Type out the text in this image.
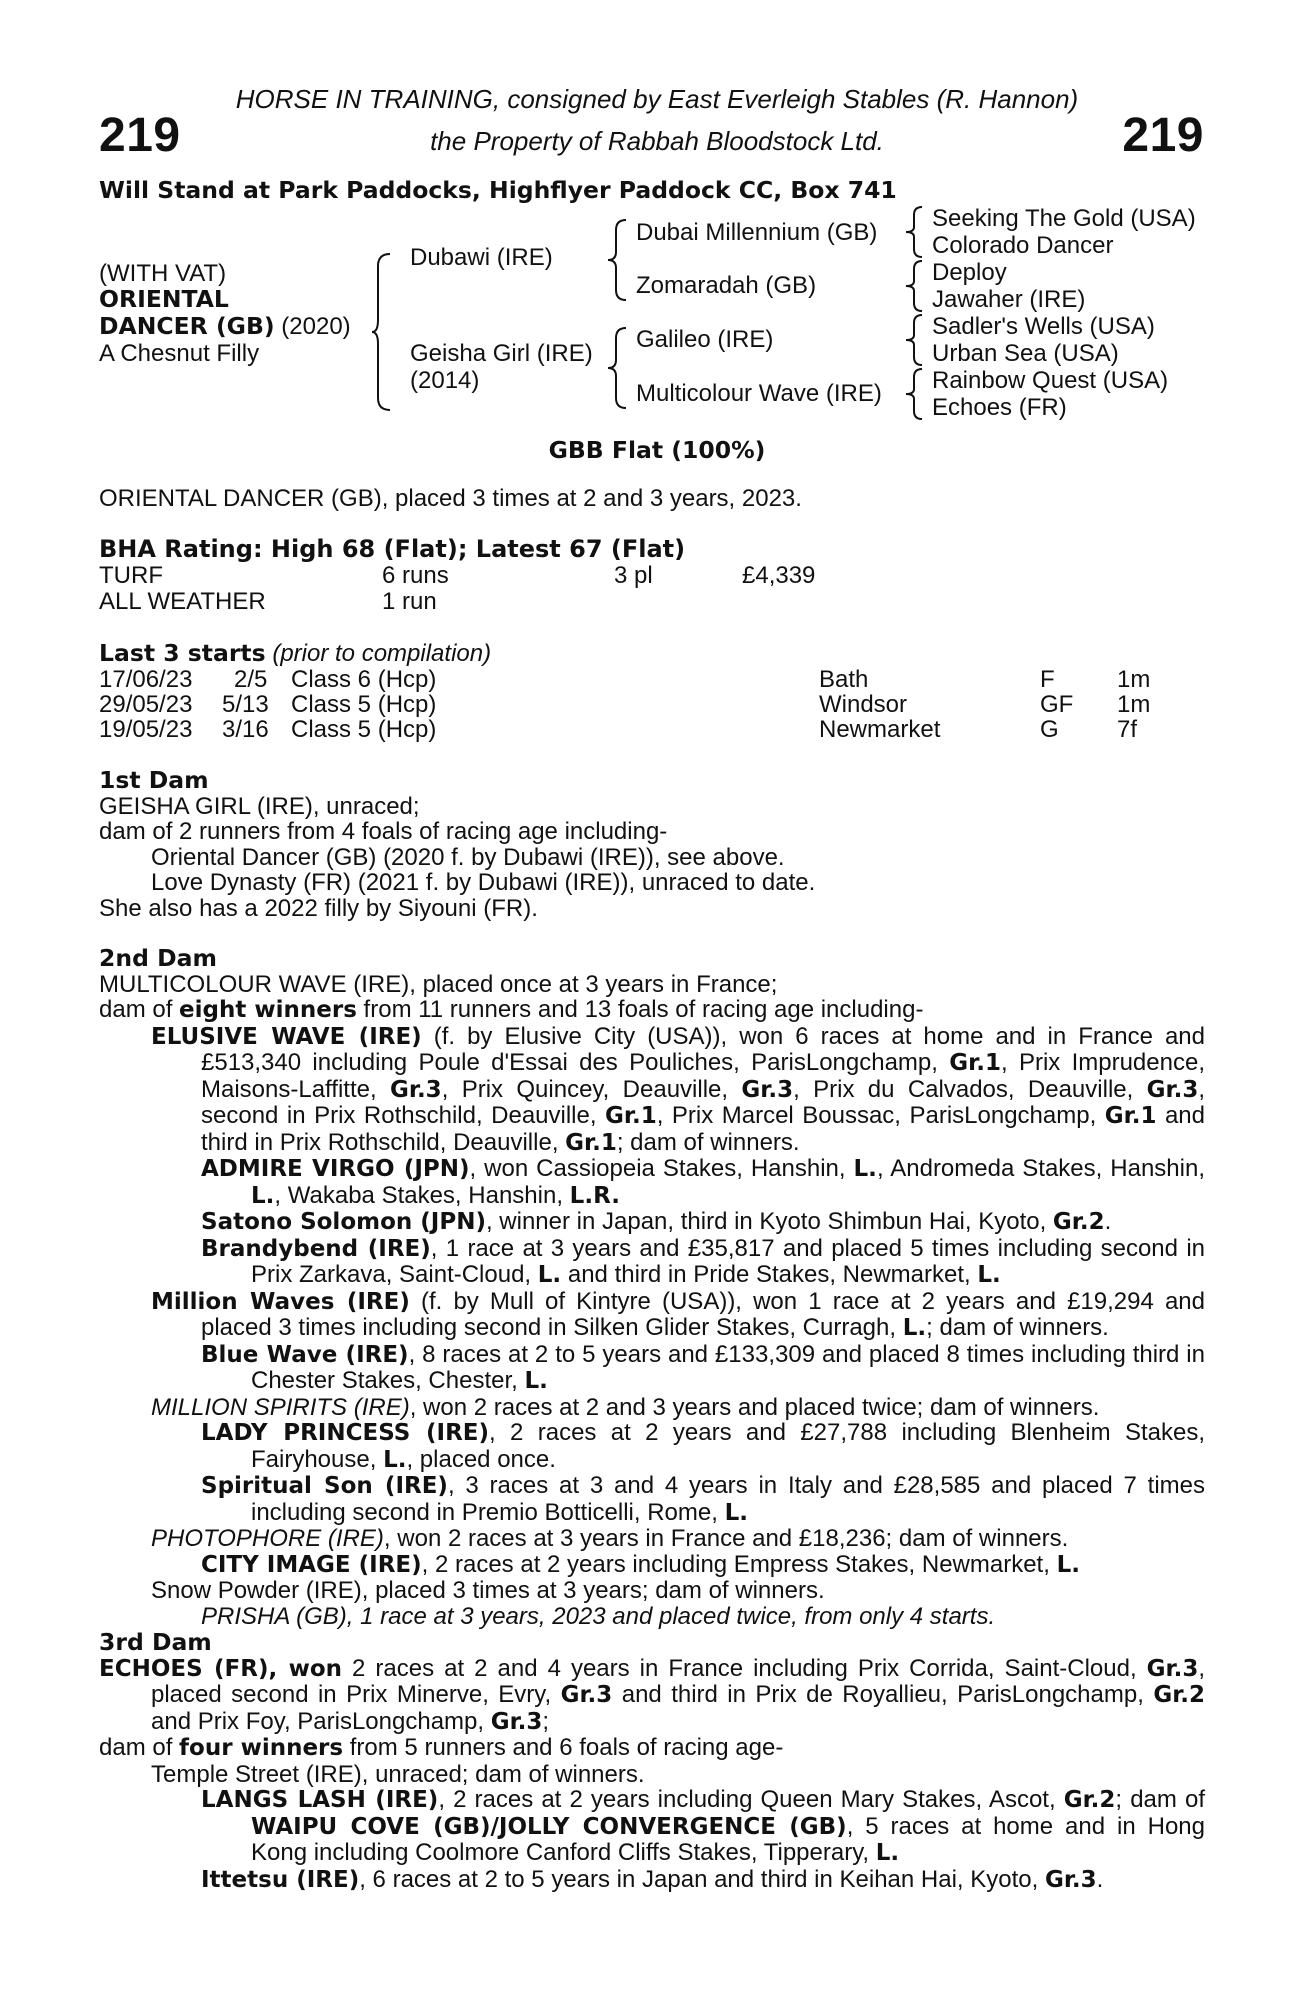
HORSE IN TRAINING, consigned by East Everleigh Stables (R. Hannon)
the Property of Rabbah Bloodstock Ltd.
219	219
Will Stand at Park Paddocks, Highflyer Paddock CC, Box 741
(WITH VAT)
ORIENTAL
DANCER (GB) (2020)
A Chesnut Filly
Dubawi (IRE)
Geisha Girl (IRE)
(2014)
Dubai Millennium (GB)
Zomaradah (GB)
Galileo (IRE)
Multicolour Wave (IRE)
Seeking The Gold (USA)
Colorado Dancer
Deploy
Jawaher (IRE)
Sadler's Wells (USA)
Urban Sea (USA)
Rainbow Quest (USA)
Echoes (FR)
GBB Flat (100%)
ORIENTAL DANCER (GB), placed 3 times at 2 and 3 years, 2023.
BHA Rating: High 68 (Flat); Latest 67 (Flat)
TURF	6 runs	3 pl	£4,339
ALL WEATHER	1 run
Last 3 starts (prior to compilation)
17/06/23 2/5 Class 6 (Hcp)	Bath	F	1m
29/05/23 5/13 Class 5 (Hcp)	Windsor	GF 1m
19/05/23 3/16 Class 5 (Hcp)	Newmarket	G 7f

1st Dam

GEISHA GIRL (IRE), unraced;

dam of 2 runners from 4 foals of racing age including-

Oriental Dancer (GB) (2020 f. by Dubawi (IRE)), see above.

Love Dynasty (FR) (2021 f. by Dubawi (IRE)), unraced to date.

She also has a 2022 filly by Siyouni (FR).

2nd Dam

MULTICOLOUR WAVE (IRE), placed once at 3 years in France;

dam of eight winners from 11 runners and 13 foals of racing age including-

ELUSIVE WAVE (IRE) (f. by Elusive City (USA)), won 6 races at home and in France and £513,340 including Poule d'Essai des Pouliches, ParisLongchamp, Gr.1, Prix Imprudence, Maisons-Laffitte, Gr.3, Prix Quincey, Deauville, Gr.3, Prix du Calvados, Deauville, Gr.3, second in Prix Rothschild, Deauville, Gr.1, Prix Marcel Boussac, ParisLongchamp, Gr.1 and third in Prix Rothschild, Deauville, Gr.1; dam of winners.

ADMIRE VIRGO (JPN), won Cassiopeia Stakes, Hanshin, L., Andromeda Stakes, Hanshin, L., Wakaba Stakes, Hanshin, L.R.

Satono Solomon (JPN), winner in Japan, third in Kyoto Shimbun Hai, Kyoto, Gr.2.

Brandybend (IRE), 1 race at 3 years and £35,817 and placed 5 times including second in Prix Zarkava, Saint-Cloud, L. and third in Pride Stakes, Newmarket, L.

Million Waves (IRE) (f. by Mull of Kintyre (USA)), won 1 race at 2 years and £19,294 and placed 3 times including second in Silken Glider Stakes, Curragh, L.; dam of winners.

Blue Wave (IRE), 8 races at 2 to 5 years and £133,309 and placed 8 times including third in Chester Stakes, Chester, L.

MILLION SPIRITS (IRE), won 2 races at 2 and 3 years and placed twice; dam of winners.

LADY PRINCESS (IRE), 2 races at 2 years and £27,788 including Blenheim Stakes, Fairyhouse, L., placed once.

Spiritual Son (IRE), 3 races at 3 and 4 years in Italy and £28,585 and placed 7 times including second in Premio Botticelli, Rome, L.

PHOTOPHORE (IRE), won 2 races at 3 years in France and £18,236; dam of winners.

CITY IMAGE (IRE), 2 races at 2 years including Empress Stakes, Newmarket, L.

Snow Powder (IRE), placed 3 times at 3 years; dam of winners.

PRISHA (GB), 1 race at 3 years, 2023 and placed twice, from only 4 starts.

3rd Dam

ECHOES (FR), won 2 races at 2 and 4 years in France including Prix Corrida, Saint-Cloud, Gr.3, placed second in Prix Minerve, Evry, Gr.3 and third in Prix de Royallieu, ParisLongchamp, Gr.2 and Prix Foy, ParisLongchamp, Gr.3;

dam of four winners from 5 runners and 6 foals of racing age-

Temple Street (IRE), unraced; dam of winners.

LANGS LASH (IRE), 2 races at 2 years including Queen Mary Stakes, Ascot, Gr.2; dam of WAIPU COVE (GB)/JOLLY CONVERGENCE (GB), 5 races at home and in Hong Kong including Coolmore Canford Cliffs Stakes, Tipperary, L.

Ittetsu (IRE), 6 races at 2 to 5 years in Japan and third in Keihan Hai, Kyoto, Gr.3.
